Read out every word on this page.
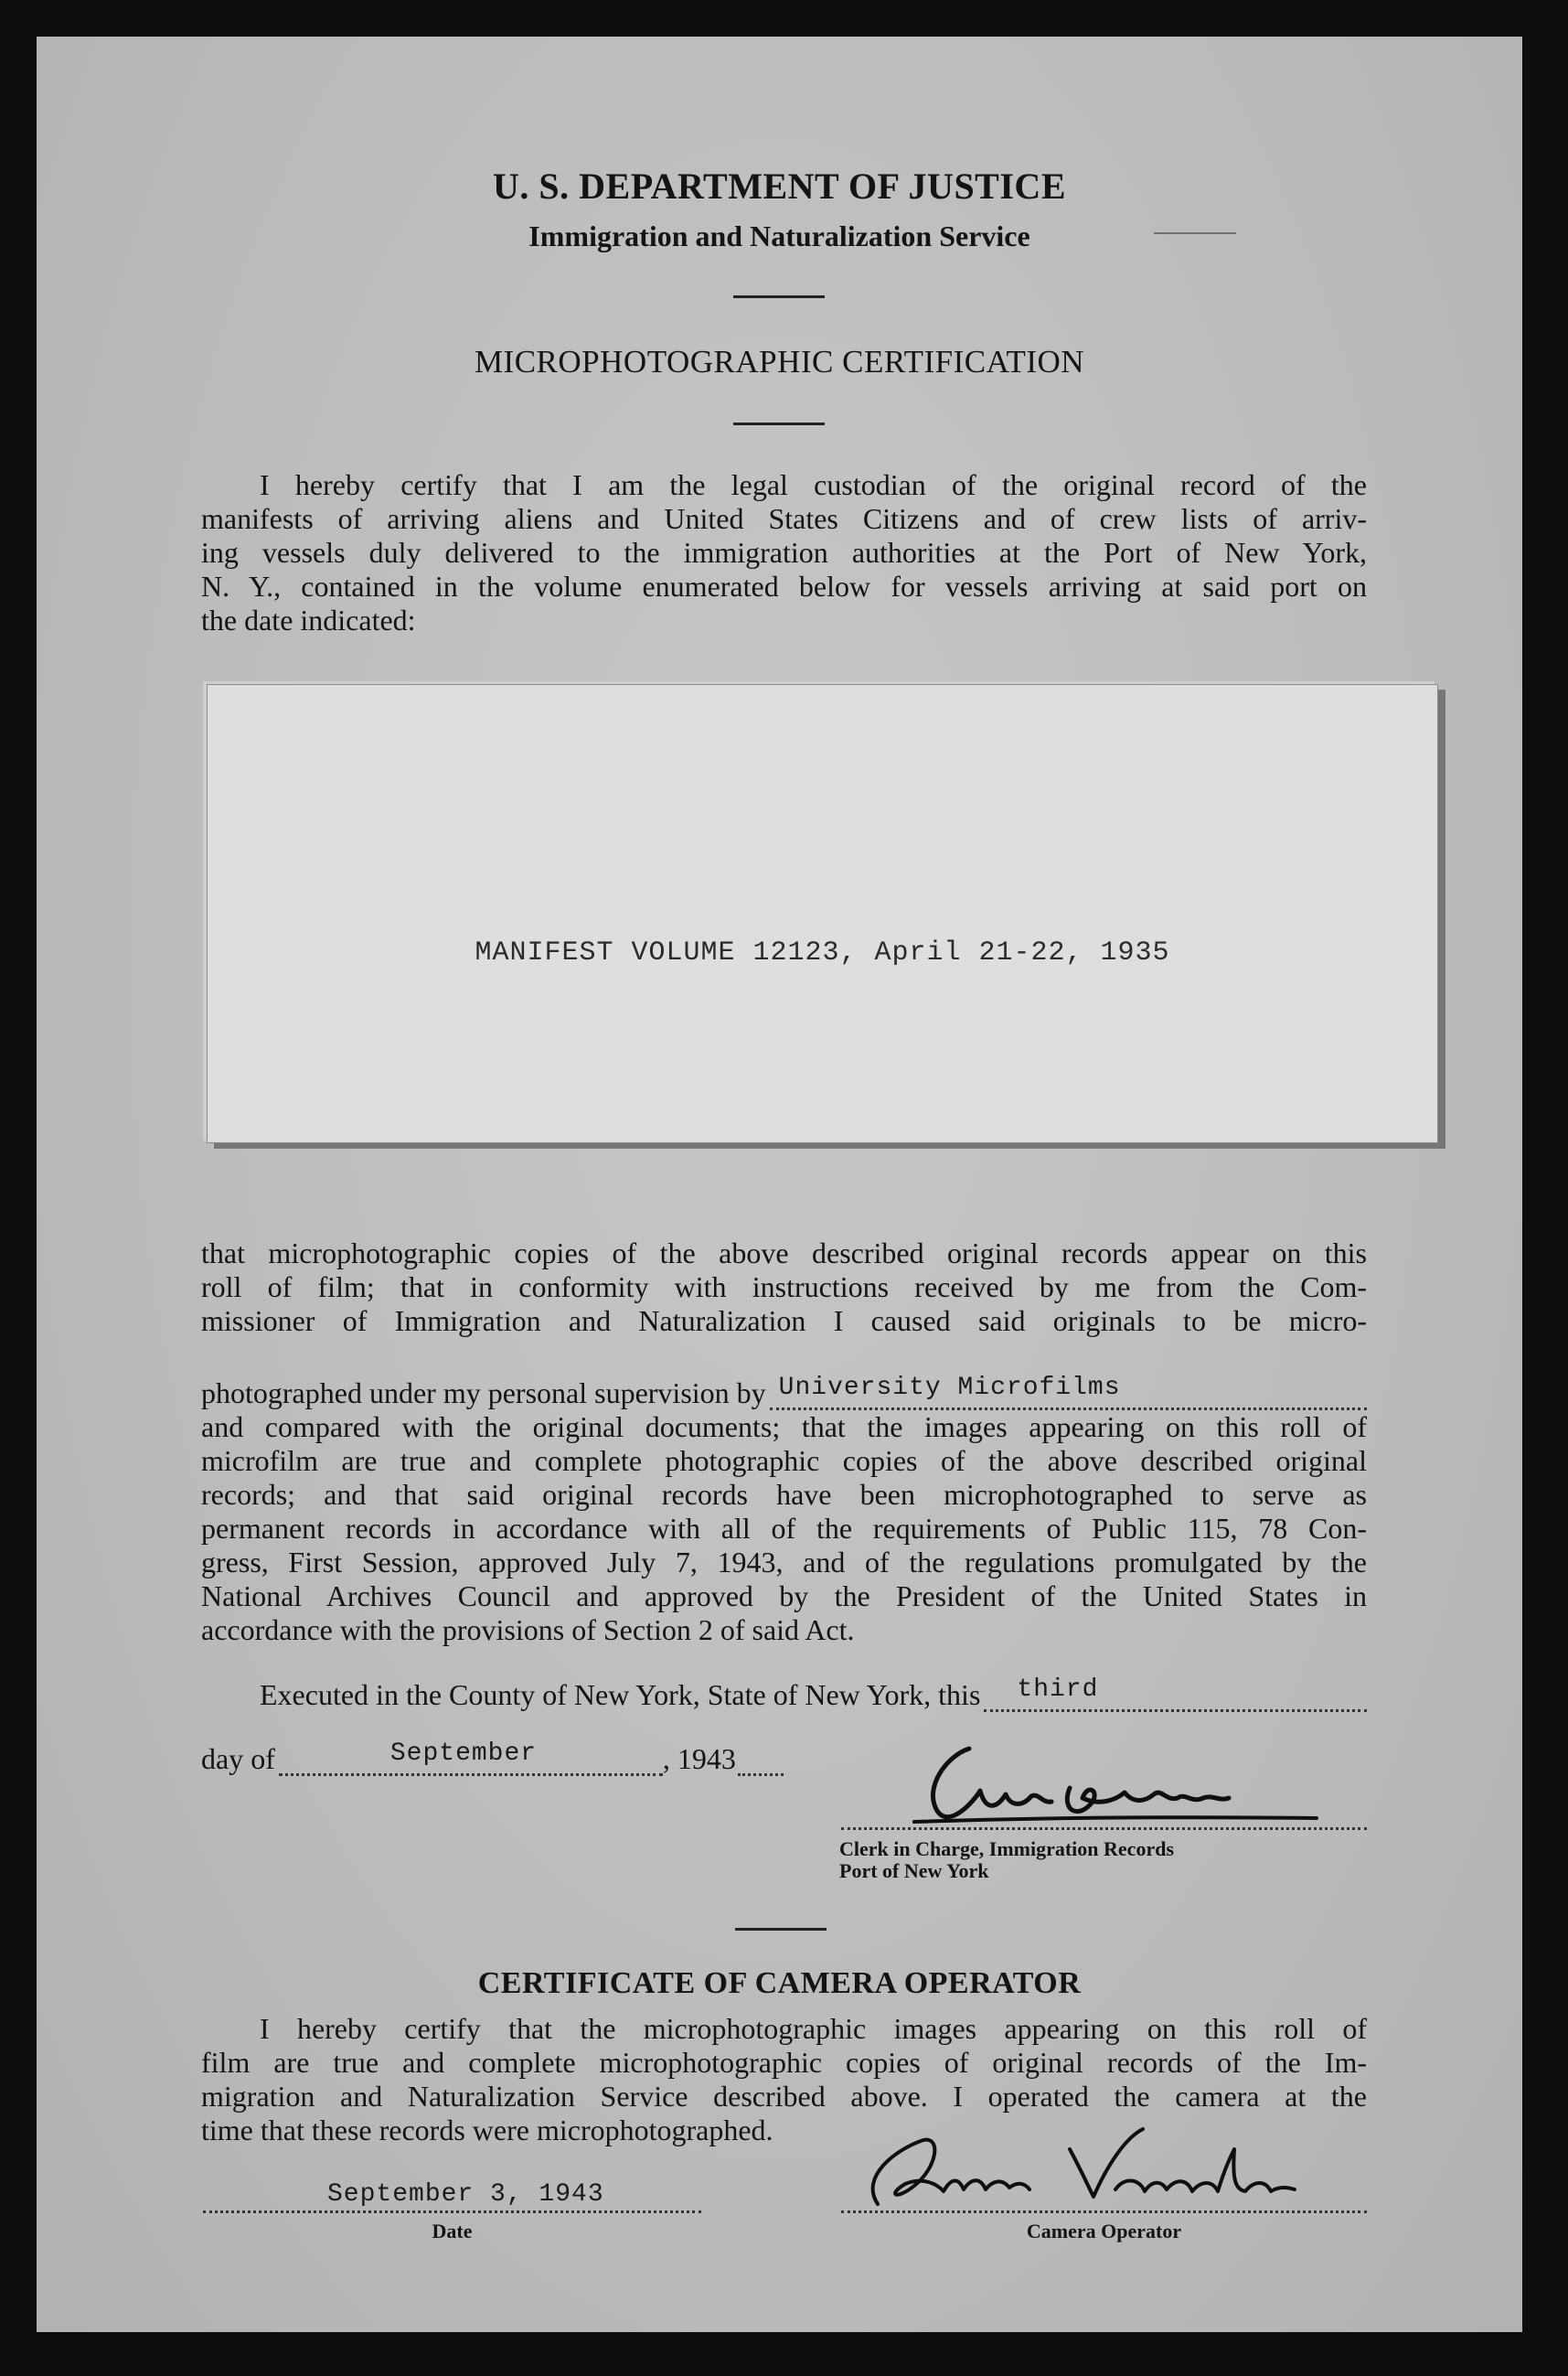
U. S. DEPARTMENT OF JUSTICE
Immigration and Naturalization Service
MICROPHOTOGRAPHIC CERTIFICATION
I hereby certify that I am the legal custodian of the original record of the
manifests of arriving aliens and United States Citizens and of crew lists of arriv-
ing vessels duly delivered to the immigration authorities at the Port of New York,
N. Y., contained in the volume enumerated below for vessels arriving at said port on
the date indicated:
MANIFEST VOLUME 12123, April 21-22, 1935
that microphotographic copies of the above described original records appear on this
roll of film; that in conformity with instructions received by me from the Com-
missioner of Immigration and Naturalization I caused said originals to be micro-
photographed under my personal supervision by University Microfilms
and compared with the original documents; that the images appearing on this roll of
microfilm are true and complete photographic copies of the above described original
records; and that said original records have been microphotographed to serve as
permanent records in accordance with all of the requirements of Public 115, 78 Con-
gress, First Session, approved July 7, 1943, and of the regulations promulgated by the
National Archives Council and approved by the President of the United States in
accordance with the provisions of Section 2 of said Act.
Executed in the County of New York, State of New York, this third
day of	September	, 1943
Clerk in Charge, Immigration Records
Port of New York
CERTIFICATE OF CAMERA OPERATOR
I hereby certify that the microphotographic images appearing on this roll of
film are true and complete microphotographic copies of original records of the Im-
migration and Naturalization Service described above. I operated the camera at the
time that these records were microphotographed.
September 3, 1943
Date	Camera Operator
